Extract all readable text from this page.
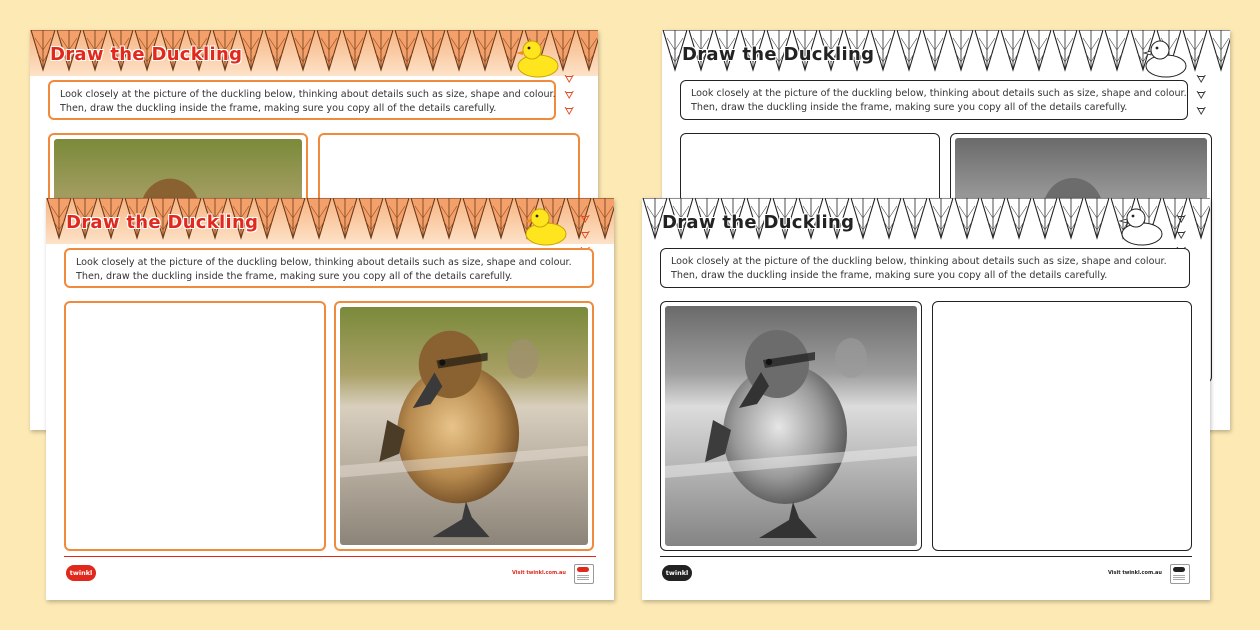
Draw the Duckling
ᗊ
ᗊ
ᗊ
Look closely at the picture of the duckling below, thinking about details such as size, shape and colour.
Then, draw the duckling inside the frame, making sure you copy all of the details carefully.
Draw the Duckling
ᗊ
ᗊ
ᗊ
Look closely at the picture of the duckling below, thinking about details such as size, shape and colour.
Then, draw the duckling inside the frame, making sure you copy all of the details carefully.
Draw the Duckling	ᗊ
ᗊ

Look closely at the picture of the duckling below, thinking about details such as size, shape and colour.
Then, draw the duckling inside the frame, making sure you copy all of the details carefully.
twinkl	Visit twinkl.com.au
Draw the Duckling	ᗊ
ᗊ

Look closely at the picture of the duckling below, thinking about details such as size, shape and colour.
Then, draw the duckling inside the frame, making sure you copy all of the details carefully.
twinkl	Visit twinkl.com.au
